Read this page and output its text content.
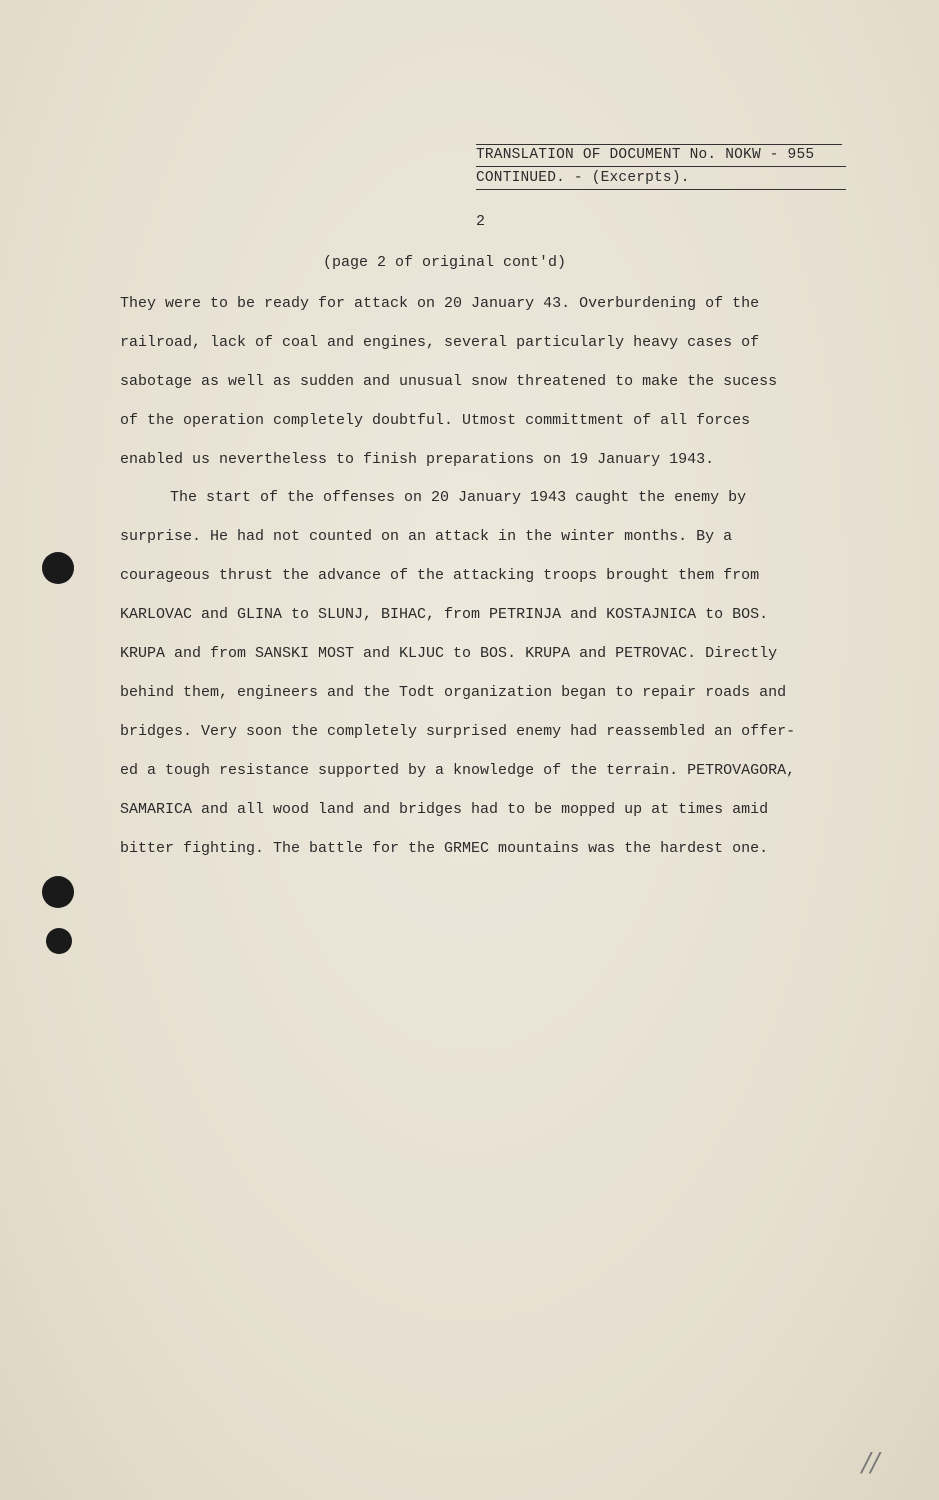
TRANSLATION OF DOCUMENT No. NOKW - 955
CONTINUED. - (Excerpts).
2
(page 2 of original cont'd)
They were to be ready for attack on 20 January 43. Overburdening of the
railroad, lack of coal and engines, several particularly heavy cases of
sabotage as well as sudden and unusual snow threatened to make the sucess
of the operation completely doubtful. Utmost committment of all forces
enabled us nevertheless to finish preparations on 19 January 1943.
The start of the offenses on 20 January 1943 caught the enemy by
surprise. He had not counted on an attack in the winter months. By a
courageous thrust the advance of the attacking troops brought them from
KARLOVAC and GLINA to SLUNJ, BIHAC, from PETRINJA and KOSTAJNICA to BOS.
KRUPA and from SANSKI MOST and KLJUC to BOS. KRUPA and PETROVAC. Directly
behind them, engineers and the Todt organization began to repair roads and
bridges. Very soon the completely surprised enemy had reassembled an offer-
ed a tough resistance supported by a knowledge of the terrain. PETROVAGORA,
SAMARICA and all wood land and bridges had to be mopped up at times amid
bitter fighting. The battle for the GRMEC mountains was the hardest one.
//
